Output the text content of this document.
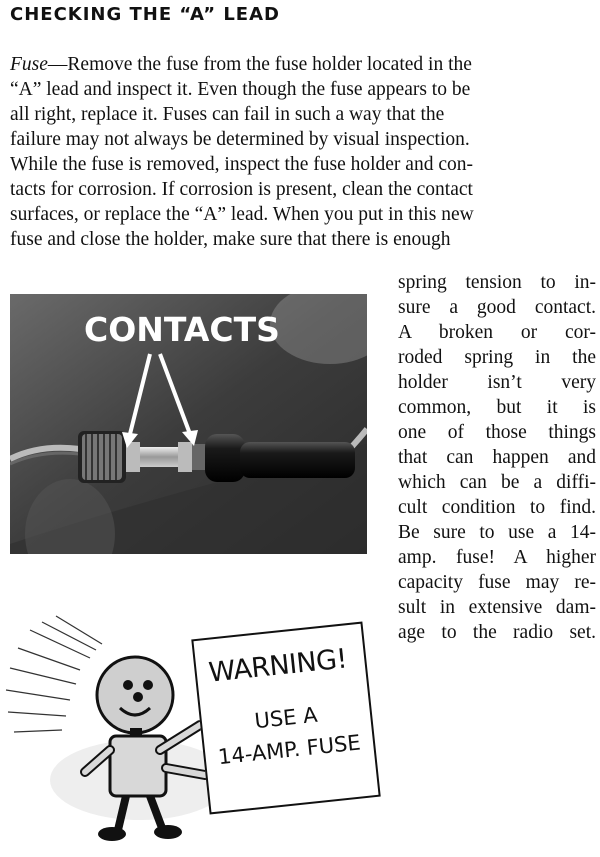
CHECKING THE “A” LEAD
Fuse—Remove the fuse from the fuse holder located in the
“A” lead and inspect it. Even though the fuse appears to be
all right, replace it. Fuses can fail in such a way that the
failure may not always be determined by visual inspection.
While the fuse is removed, inspect the fuse holder and con-
tacts for corrosion. If corrosion is present, clean the contact
surfaces, or replace the “A” lead. When you put in this new
fuse and close the holder, make sure that there is enough
spring tension to in-
sure a good contact.
A broken or cor-
roded spring in the
holder isn’t very
common, but it is
one of those things
that can happen and
which can be a diffi-
cult condition to find.
Be sure to use a 14-
amp. fuse! A higher
capacity fuse may re-
sult in extensive dam-
age to the radio set.
CONTACTS
WARNING!
USE A
14-AMP. FUSE
